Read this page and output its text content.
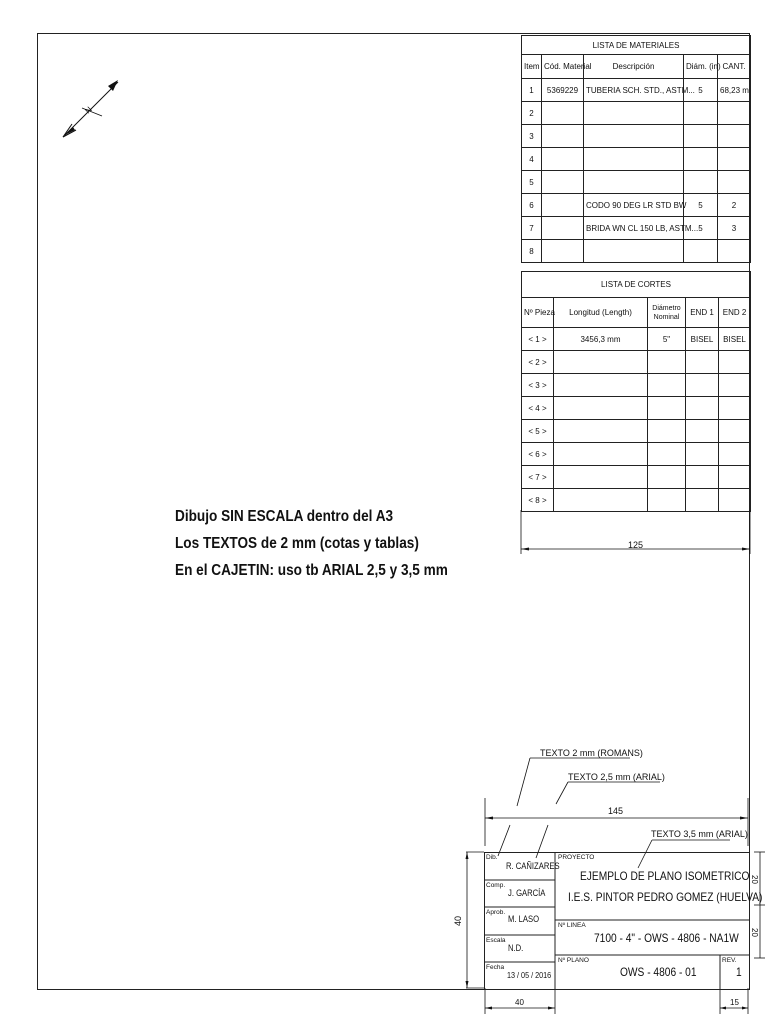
N
LISTA DE MATERIALES				
Item	Cód. Material	Descripción	Diám. (in)	CANT.
1	5369229	TUBERIA SCH. STD., ASTM...	5	68,23 m
2				
3				
4				
5				
6		CODO 90 DEG LR STD BW	5	2
7		BRIDA WN CL 150 LB, ASTM...	5	3
8				
LISTA DE CORTES				
Nº Pieza	Longitud (Length)	Diámetro Nominal	END 1	END 2
< 1 >	3456,3 mm	5"	BISEL	BISEL
< 2 >				
< 3 >				
< 4 >				
< 5 >				
< 6 >				
< 7 >				
< 8 >				
125
Dibujo SIN ESCALA dentro del A3
Los TEXTOS de 2 mm (cotas y tablas)
En el CAJETIN: uso tb ARIAL 2,5 y 3,5 mm
TEXTO 2 mm (ROMANS)
TEXTO 2,5 mm (ARIAL)
145
TEXTO 3,5 mm (ARIAL)
40
20
20
Dib.
R. CAÑIZARES
Comp.
J. GARCÍA
Aprob.
M. LASO
Escala
N.D.
Fecha
13 / 05 / 2016
PROYECTO
EJEMPLO DE PLANO ISOMETRICO
I.E.S. PINTOR PEDRO GOMEZ (HUELVA)
Nº LINEA
7100 - 4" - OWS - 4806 - NA1W
Nº PLANO
OWS - 4806 - 01
REV.
1
40	15
